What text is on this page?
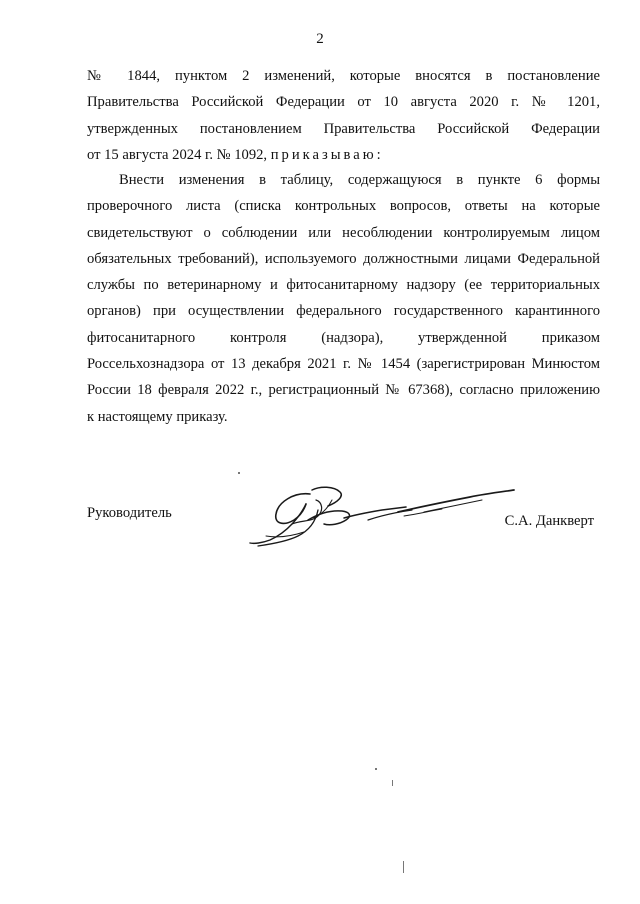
2
№ 1844, пунктом 2 изменений, которые вносятся в постановление
Правительства Российской Федерации от 10 августа 2020 г. № 1201,
утвержденных постановлением Правительства Российской Федерации
от 15 августа 2024 г. № 1092, приказываю:
Внести изменения в таблицу, содержащуюся в пункте 6 формы
проверочного листа (списка контрольных вопросов, ответы на которые
свидетельствуют о соблюдении или несоблюдении контролируемым лицом
обязательных требований), используемого должностными лицами Федеральной
службы по ветеринарному и фитосанитарному надзору (ее территориальных
органов) при осуществлении федерального государственного карантинного
фитосанитарного контроля (надзора), утвержденной приказом
Россельхознадзора от 13 декабря 2021 г. № 1454 (зарегистрирован Минюстом
России 18 февраля 2022 г., регистрационный № 67368), согласно приложению
к настоящему приказу.
Руководитель	С.А. Данкверт
